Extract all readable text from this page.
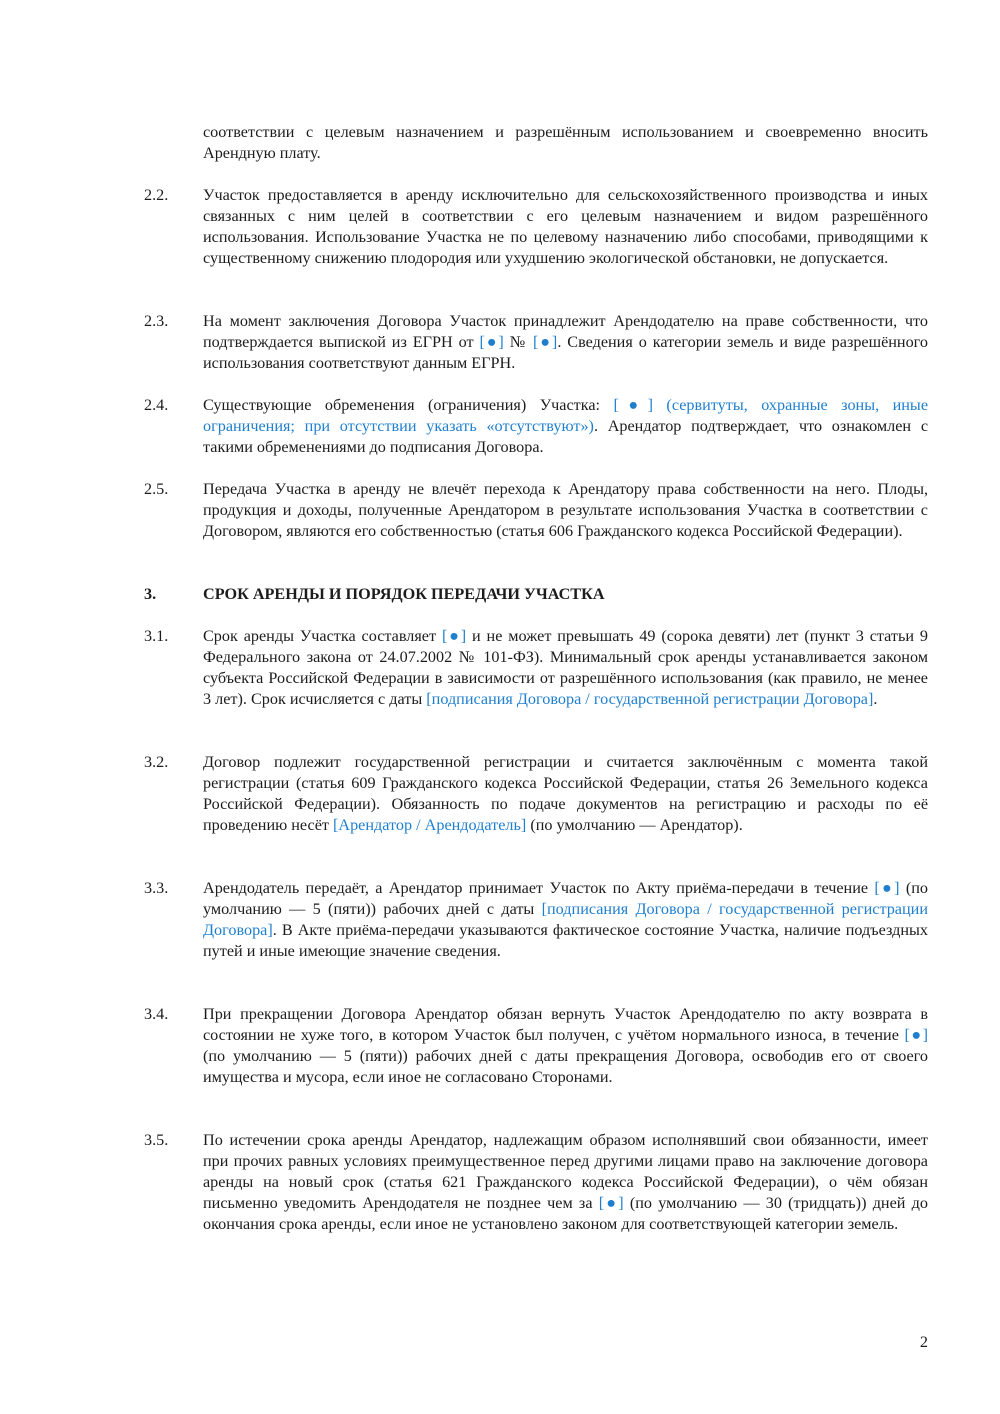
соответствии с целевым назначением и разрешённым использованием и своевременно вносить Арендную плату.

2.2. Участок предоставляется в аренду исключительно для сельскохозяйственного производства и иных связанных с ним целей в соответствии с его целевым назначением и видом разрешённого использования. Использование Участка не по целевому назначению либо способами, приводящими к существенному снижению плодородия или ухудшению экологической обстановки, не допускается.

2.3. На момент заключения Договора Участок принадлежит Арендодателю на праве собственности, что подтверждается выпиской из ЕГРН от [●] № [●]. Сведения о категории земель и виде разрешённого использования соответствуют данным ЕГРН.

2.4. Существующие обременения (ограничения) Участка: [●] (сервитуты, охранные зоны, иные ограничения; при отсутствии указать «отсутствуют»). Арендатор подтверждает, что ознакомлен с такими обременениями до подписания Договора.

2.5. Передача Участка в аренду не влечёт перехода к Арендатору права собственности на него. Плоды, продукция и доходы, полученные Арендатором в результате использования Участка в соответствии с Договором, являются его собственностью (статья 606 Гражданского кодекса Российской Федерации).

3.	СРОК АРЕНДЫ И ПОРЯДОК ПЕРЕДАЧИ УЧАСТКА

3.1. Срок аренды Участка составляет [●] и не может превышать 49 (сорока девяти) лет (пункт 3 статьи 9 Федерального закона от 24.07.2002 № 101-ФЗ). Минимальный срок аренды устанавливается законом субъекта Российской Федерации в зависимости от разрешённого использования (как правило, не менее 3 лет). Срок исчисляется с даты [подписания Договора / государственной регистрации Договора].

3.2. Договор подлежит государственной регистрации и считается заключённым с момента такой регистрации (статья 609 Гражданского кодекса Российской Федерации, статья 26 Земельного кодекса Российской Федерации). Обязанность по подаче документов на регистрацию и расходы по её проведению несёт [Арендатор / Арендодатель] (по умолчанию — Арендатор).

3.3. Арендодатель передаёт, а Арендатор принимает Участок по Акту приёма-передачи в течение [●] (по умолчанию — 5 (пяти)) рабочих дней с даты [подписания Договора / государственной регистрации Договора]. В Акте приёма-передачи указываются фактическое состояние Участка, наличие подъездных путей и иные имеющие значение сведения.

3.4. При прекращении Договора Арендатор обязан вернуть Участок Арендодателю по акту возврата в состоянии не хуже того, в котором Участок был получен, с учётом нормального износа, в течение [●] (по умолчанию — 5 (пяти)) рабочих дней с даты прекращения Договора, освободив его от своего имущества и мусора, если иное не согласовано Сторонами.

3.5. По истечении срока аренды Арендатор, надлежащим образом исполнявший свои обязанности, имеет при прочих равных условиях преимущественное перед другими лицами право на заключение договора аренды на новый срок (статья 621 Гражданского кодекса Российской Федерации), о чём обязан письменно уведомить Арендодателя не позднее чем за [●] (по умолчанию — 30 (тридцать)) дней до окончания срока аренды, если иное не установлено законом для соответствующей категории земель.

2
